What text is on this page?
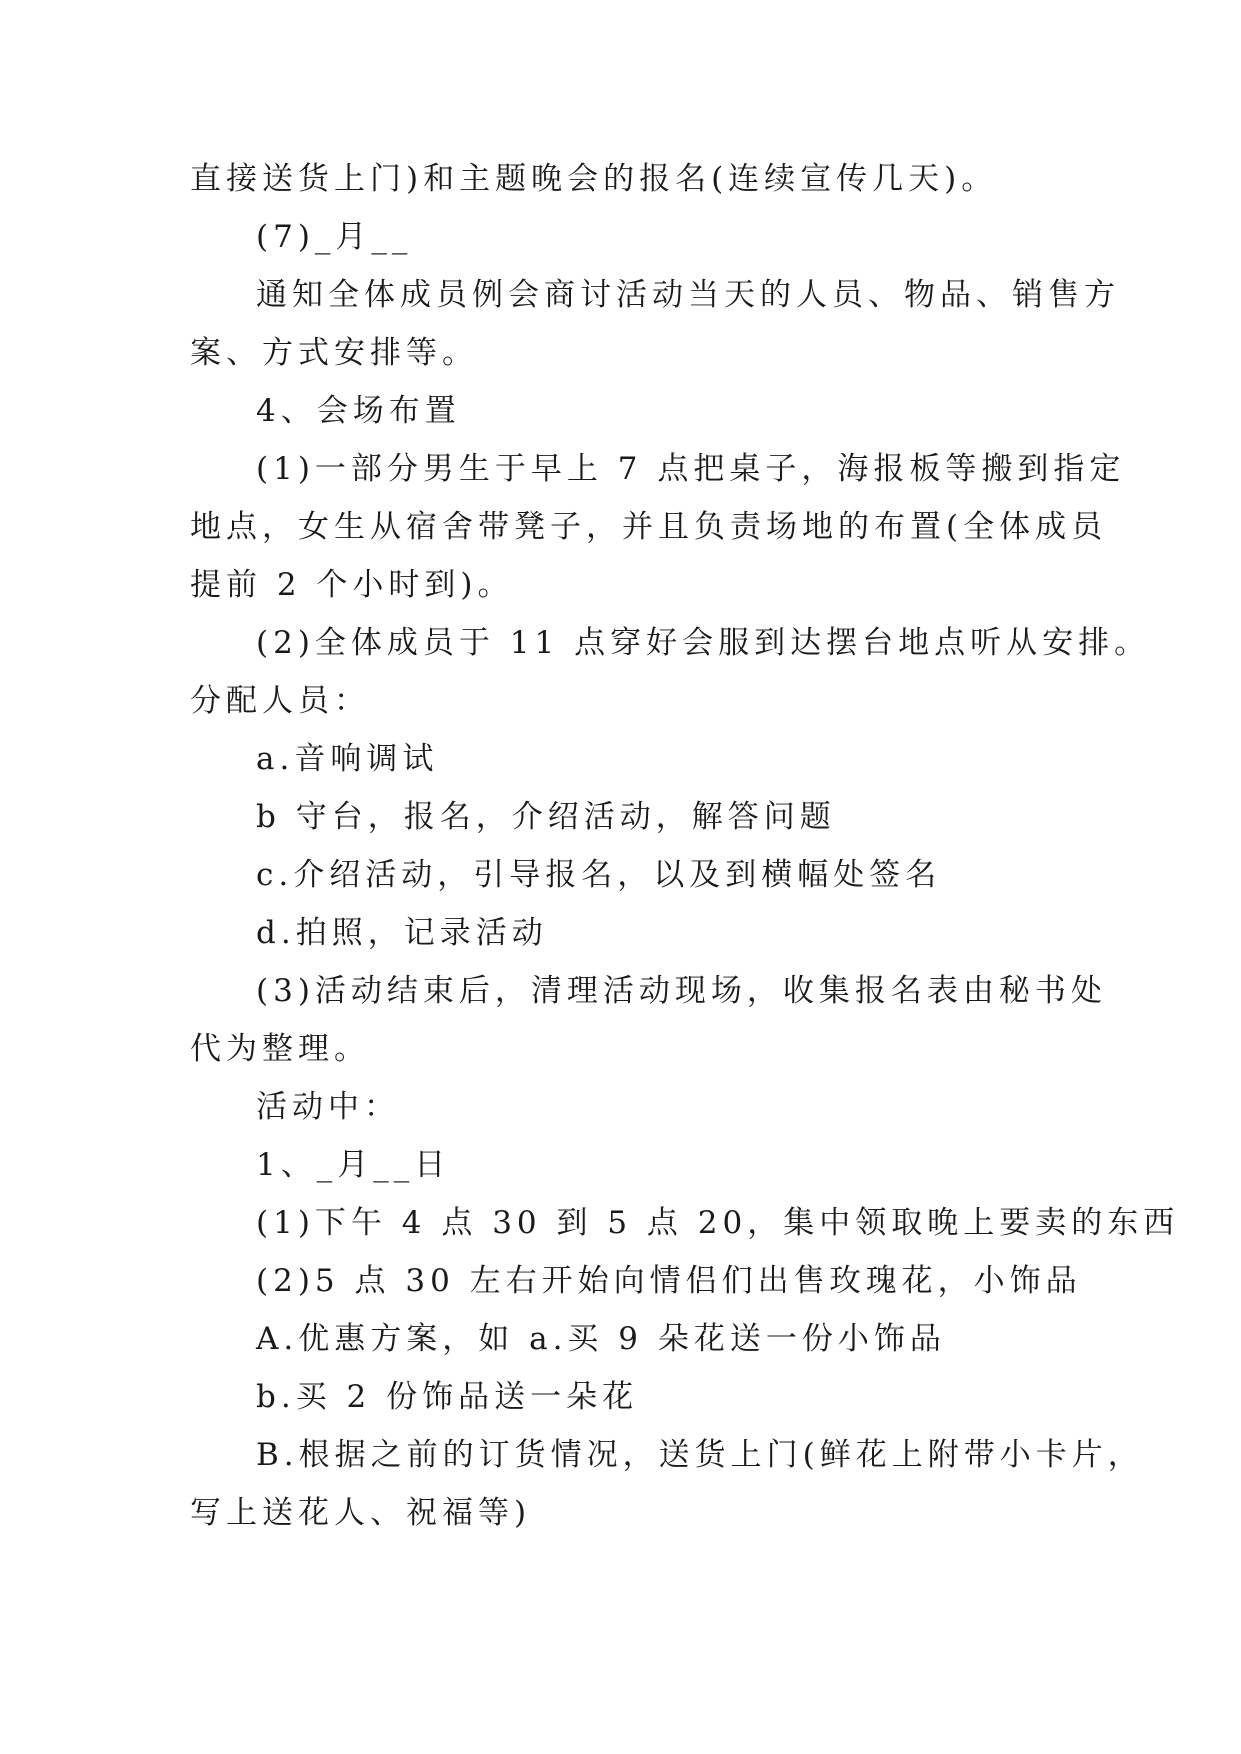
直接送货上门)和主题晚会的报名(连续宣传几天)。
(7)_月__
通知全体成员例会商讨活动当天的人员、物品、销售方
案、方式安排等。
4、会场布置
(1)一部分男生于早上 7 点把桌子，海报板等搬到指定
地点，女生从宿舍带凳子，并且负责场地的布置(全体成员
提前 2 个小时到)。
(2)全体成员于 11 点穿好会服到达摆台地点听从安排。
分配人员：
a.音响调试
b 守台，报名，介绍活动，解答问题
c.介绍活动，引导报名，以及到横幅处签名
d.拍照，记录活动
(3)活动结束后，清理活动现场，收集报名表由秘书处
代为整理。
活动中：
1、_月__日
(1)下午 4 点 30 到 5 点 20，集中领取晚上要卖的东西
(2)5 点 30 左右开始向情侣们出售玫瑰花，小饰品
A.优惠方案，如 a.买 9 朵花送一份小饰品
b.买 2 份饰品送一朵花
B.根据之前的订货情况，送货上门(鲜花上附带小卡片，
写上送花人、祝福等)
